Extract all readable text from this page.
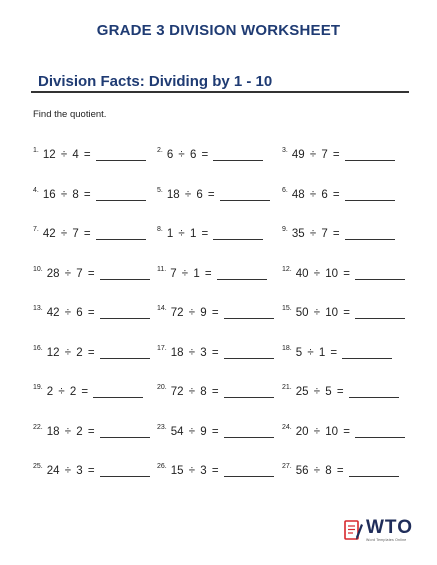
GRADE 3 DIVISION WORKSHEET
Division Facts: Dividing by 1 - 10
Find the quotient.
1. 12 ÷ 4 =	2. 6 ÷ 6 =	3. 49 ÷ 7 =
4. 16 ÷ 8 =	5. 18 ÷ 6 =	6. 48 ÷ 6 =
7. 42 ÷ 7 =	8. 1 ÷ 1 =	9. 35 ÷ 7 =
10. 28 ÷ 7 =	11. 7 ÷ 1 =	12. 40 ÷ 10 =
13. 42 ÷ 6 =	14. 72 ÷ 9 =	15. 50 ÷ 10 =
16. 12 ÷ 2 =	17. 18 ÷ 3 =	18. 5 ÷ 1 =
19. 2 ÷ 2 =	20. 72 ÷ 8 =	21. 25 ÷ 5 =
22. 18 ÷ 2 =	23. 54 ÷ 9 =	24. 20 ÷ 10 =
25. 24 ÷ 3 =	26. 15 ÷ 3 =	27. 56 ÷ 8 =
WTO
Word Templates Online
